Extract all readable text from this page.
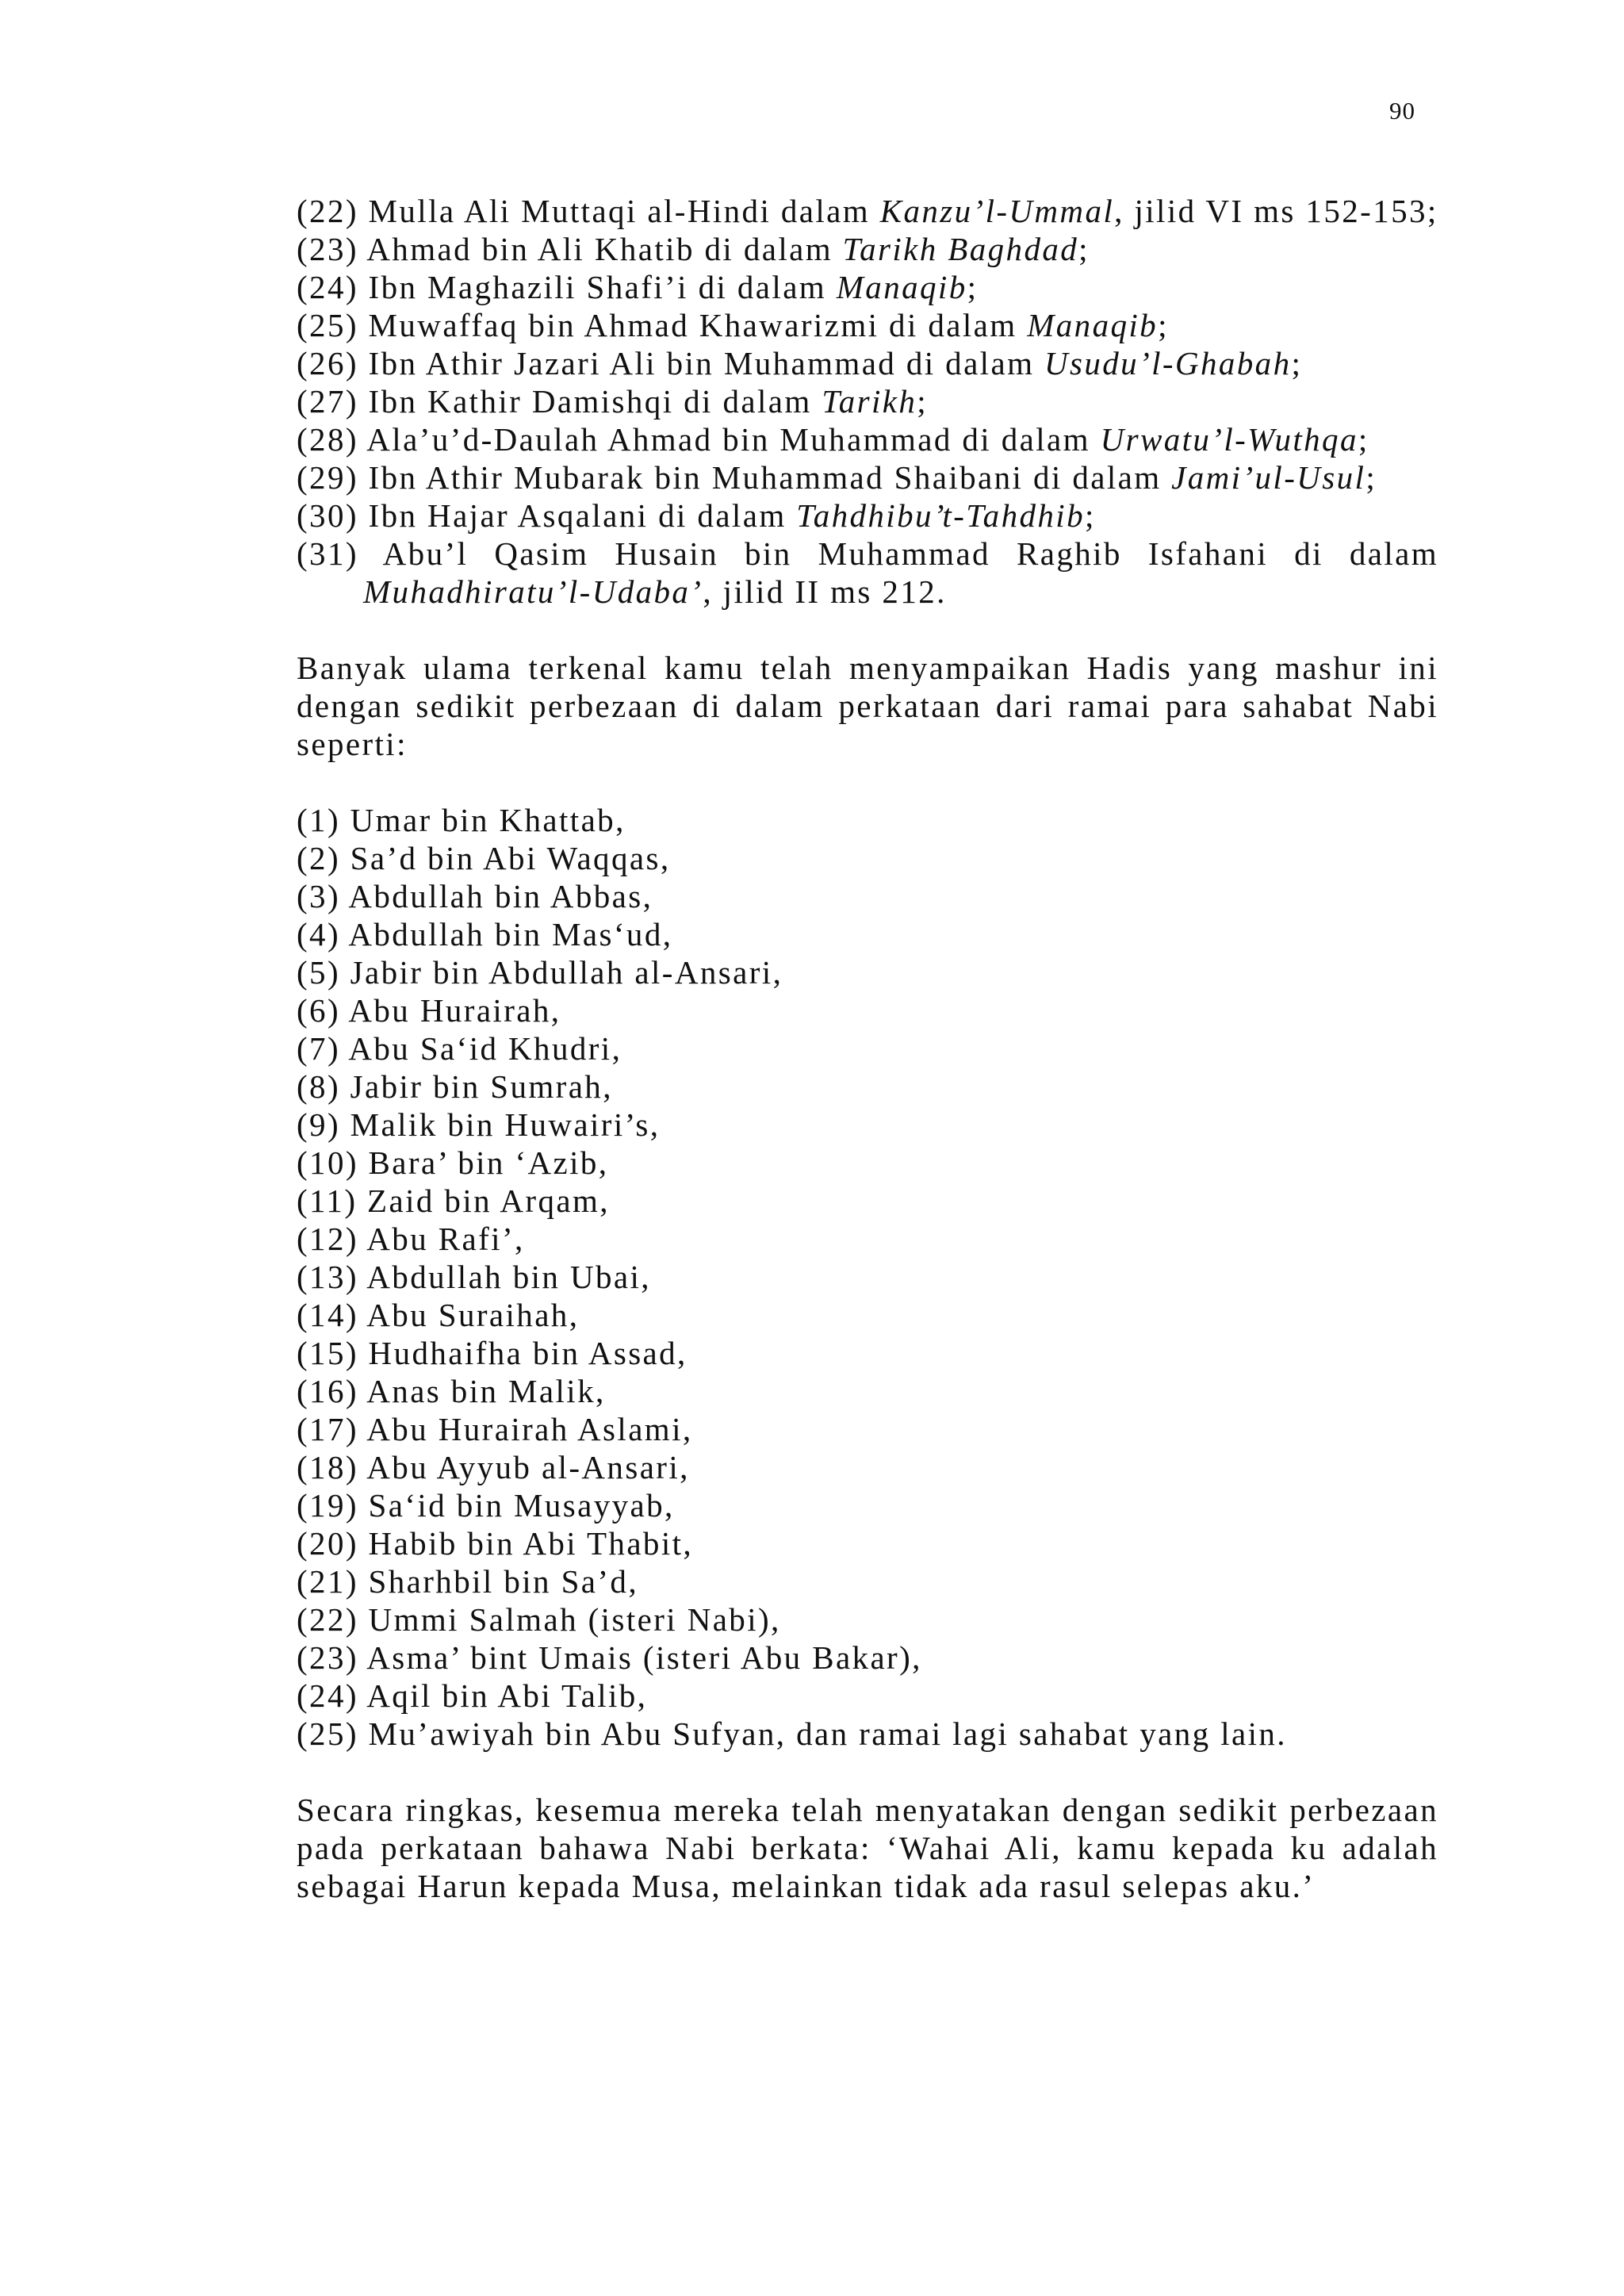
90
(22) Mulla Ali Muttaqi al-Hindi dalam Kanzu’l-Ummal, jilid VI ms 152-153;
(23) Ahmad bin Ali Khatib di dalam Tarikh Baghdad;
(24) Ibn Maghazili Shafi’i di dalam Manaqib;
(25) Muwaffaq bin Ahmad Khawarizmi di dalam Manaqib;
(26) Ibn Athir Jazari Ali bin Muhammad di dalam Usudu’l-Ghabah;
(27) Ibn Kathir Damishqi di dalam Tarikh;
(28) Ala’u’d-Daulah Ahmad bin Muhammad di dalam Urwatu’l-Wuthqa;
(29) Ibn Athir Mubarak bin Muhammad Shaibani di dalam Jami’ul-Usul;
(30) Ibn Hajar Asqalani di dalam Tahdhibu’t-Tahdhib;
(31) Abu’l Qasim Husain bin Muhammad Raghib Isfahani di dalam Muhadhiratu’l-Udaba’, jilid II ms 212.

Banyak ulama terkenal kamu telah menyampaikan Hadis yang mashur ini dengan sedikit perbezaan di dalam perkataan dari ramai para sahabat Nabi seperti:

(1) Umar bin Khattab,
(2) Sa’d bin Abi Waqqas,
(3) Abdullah bin Abbas,
(4) Abdullah bin Mas‘ud,
(5) Jabir bin Abdullah al-Ansari,
(6) Abu Hurairah,
(7) Abu Sa‘id Khudri,
(8) Jabir bin Sumrah,
(9) Malik bin Huwairi’s,
(10) Bara’ bin ‘Azib,
(11) Zaid bin Arqam,
(12) Abu Rafi’,
(13) Abdullah bin Ubai,
(14) Abu Suraihah,
(15) Hudhaifha bin Assad,
(16) Anas bin Malik,
(17) Abu Hurairah Aslami,
(18) Abu Ayyub al-Ansari,
(19) Sa‘id bin Musayyab,
(20) Habib bin Abi Thabit,
(21) Sharhbil bin Sa’d,
(22) Ummi Salmah (isteri Nabi),
(23) Asma’ bint Umais (isteri Abu Bakar),
(24) Aqil bin Abi Talib,
(25) Mu’awiyah bin Abu Sufyan, dan ramai lagi sahabat yang lain.

Secara ringkas, kesemua mereka telah menyatakan dengan sedikit perbezaan pada perkataan bahawa Nabi berkata: ‘Wahai Ali, kamu kepada ku adalah sebagai Harun kepada Musa, melainkan tidak ada rasul selepas aku.’
